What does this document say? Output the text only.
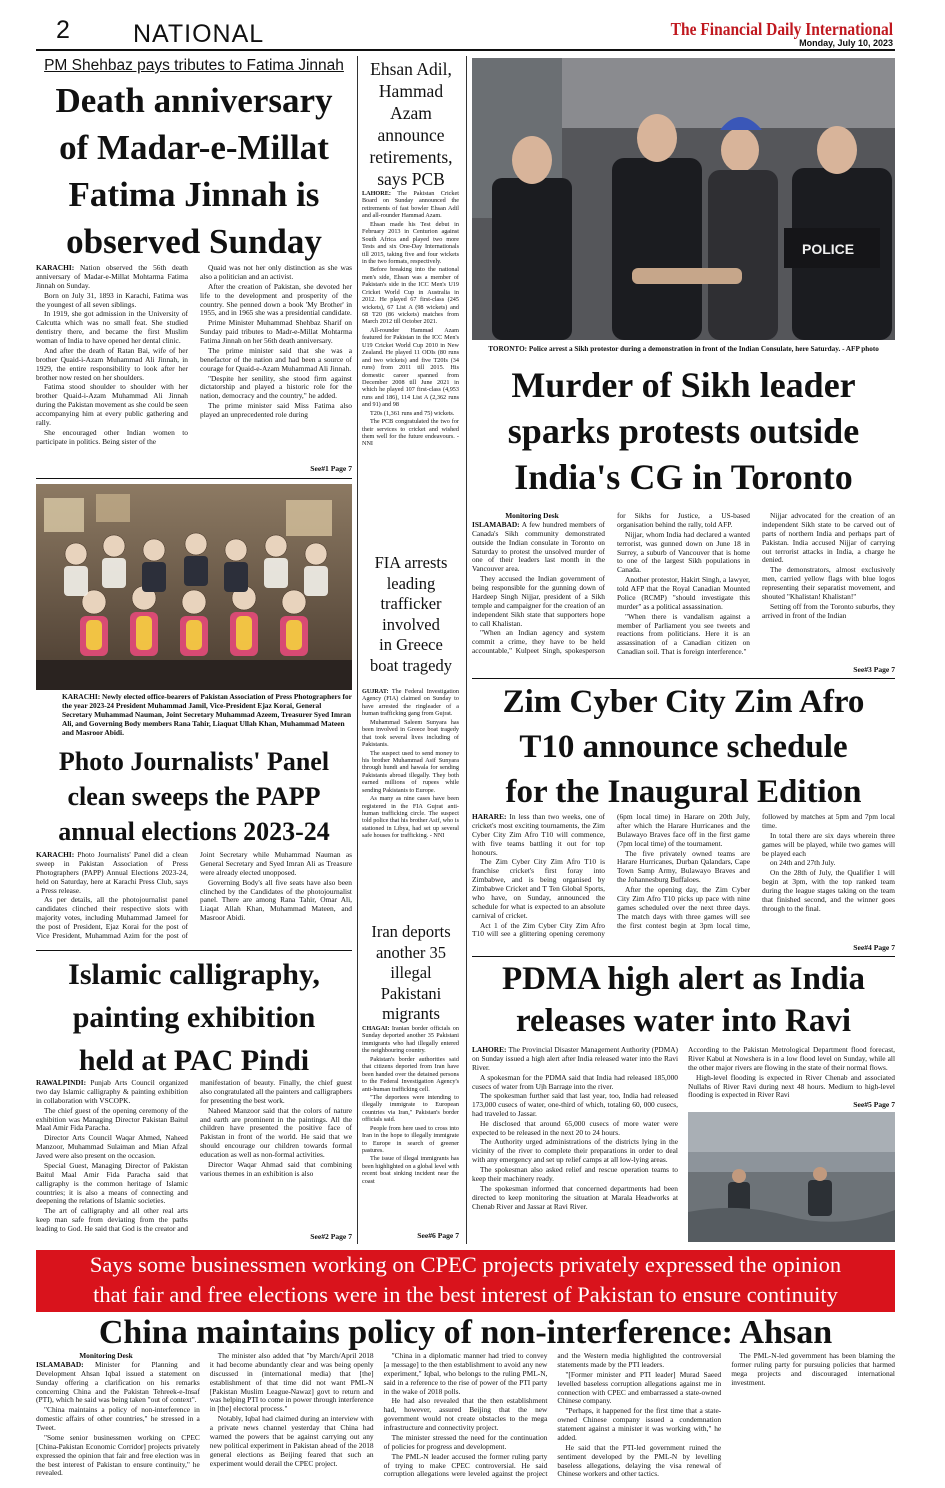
2	NATIONAL	The Financial Daily International
Monday, July 10, 2023
PM Shehbaz pays tributes to Fatima Jinnah
Death anniversary
of Madar-e-Millat
Fatima Jinnah is
observed Sunday

KARACHI: Nation observed the 56th death anniversary of Madar-e-Millat Mohtarma Fatima Jinnah on Sunday.

Born on July 31, 1893 in Karachi, Fatima was the youngest of all seven siblings.

In 1919, she got admission in the University of Calcutta which was no small feat. She studied dentistry there, and became the first Muslim woman of India to have opened her dental clinic.

And after the death of Ratan Bai, wife of her brother Quaid-i-Azam Muhammad Ali Jinnah, in 1929, the entire responsibility to look after her brother now rested on her shoulders.

Fatima stood shoulder to shoulder with her brother Quaid-i-Azam Muhammad Ali Jinnah during the Pakistan movement as she could be seen accompanying him at every public gathering and rally.

She encouraged other Indian women to participate in politics. Being sister of the

Quaid was not her only distinction as she was also a politician and an activist.

After the creation of Pakistan, she devoted her life to the development and prosperity of the country. She penned down a book 'My Brother' in 1955, and in 1965 she was a presidential candidate.

Prime Minister Muhammad Shehbaz Sharif on Sunday paid tributes to Madr-e-Millat Mohtarma Fatima Jinnah on her 56th death anniversary.

The prime minister said that she was a benefactor of the nation and had been a source of courage for Quaid-e-Azam Muhammad Ali Jinnah.

"Despite her senility, she stood firm against dictatorship and played a historic role for the nation, democracy and the country," he added.

The prime minister said Miss Fatima also played an unprecedented role during

See#1 Page 7
KARACHI: Newly elected office-bearers of Pakistan Association of Press Photographers for the year 2023-24 President Muhammad Jamil, Vice-President Ejaz Korai, General Secretary Muhammad Nauman, Joint Secretary Muhammad Azeem, Treasurer Syed Imran Ali, and Governing Body members Rana Tahir, Liaquat Ullah Khan, Muhammad Mateen and Masroor Abidi.
Photo Journalists' Panel
clean sweeps the PAPP
annual elections 2023-24

KARACHI: Photo Journalists' Panel did a clean sweep in Pakistan Association of Press Photographers (PAPP) Annual Elections 2023-24, held on Saturday, here at Karachi Press Club, says a Press release.

As per details, all the photojournalist panel candidates clinched their respective slots with majority votes, including Muhammad Jameel for the post of President, Ejaz Korai for the post of Vice President, Muhammad Azim for the post of Joint Secretary while Muhammad Nauman as General Secretary and Syed Imran Ali as Treasure were already elected unopposed.

Governing Body's all five seats have also been clinched by the Candidates of the photojournalist panel. There are among Rana Tahir, Omar Ali, Liaqat Allah Khan, Muhammad Mateen, and Masroor Abidi.

Islamic calligraphy,
painting exhibition
held at PAC Pindi

RAWALPINDI: Punjab Arts Council organized two day Islamic calligraphy & painting exhibition in collaboration with VSCOPK.

The chief guest of the opening ceremony of the exhibition was Managing Director Pakistan Baitul Maal Amir Fida Paracha.

Director Arts Council Waqar Ahmed, Naheed Manzoor, Muhammad Sulaiman and Mian Afzal Javed were also present on the occasion.

Special Guest, Managing Director of Pakistan Baitul Maal Amir Fida Paracha said that calligraphy is the common heritage of Islamic countries; it is also a means of connecting and deepening the relations of Islamic societies.

The art of calligraphy and all other real arts keep man safe from deviating from the paths leading to God. He said that God is the creator and manifestation of beauty. Finally, the chief guest also congratulated all the painters and calligraphers for presenting the best work.

Naheed Manzoor said that the colors of nature and earth are prominent in the paintings. All the children have presented the positive face of Pakistan in front of the world. He said that we should encourage our children towards formal education as well as non-formal activities.

Director Waqar Ahmad said that combining various themes in an exhibition is also

See#2 Page 7
Ehsan Adil,
Hammad
Azam
announce
retirements,
says PCB

LAHORE: The Pakistan Cricket Board on Sunday announced the retirements of fast bowler Ehsan Adil and all-rounder Hammad Azam.

Ehsan made his Test debut in February 2013 in Centurion against South Africa and played two more Tests and six One-Day Internationals till 2015, taking five and four wickets in the two formats, respectively.

Before breaking into the national men's side, Ehsan was a member of Pakistan's side in the ICC Men's U19 Cricket World Cup in Australia in 2012. He played 67 first-class (245 wickets), 67 List A (98 wickets) and 68 T20 (86 wickets) matches from March 2012 till October 2021.

All-rounder Hammad Azam featured for Pakistan in the ICC Men's U19 Cricket World Cup 2010 in New Zealand. He played 11 ODIs (80 runs and two wickets) and five T20Is (34 runs) from 2011 till 2015. His domestic career spanned from December 2008 till June 2021 in which he played 107 first-class (4,953 runs and 186), 114 List A (2,362 runs and 91) and 98

T20s (1,361 runs and 75) wickets.

The PCB congratulated the two for their services to cricket and wished them well for the future endeavours. - NNI

FIA arrests
leading
trafficker
involved
in Greece
boat tragedy

GUJRAT: The Federal Investigation Agency (FIA) claimed on Sunday to have arrested the ringleader of a human trafficking gang from Gujrat.

Muhammad Saleem Sunyara has been involved in Greece boat tragedy that took several lives including of Pakistanis.

The suspect used to send money to his brother Muhammad Asif Sunyara through hundi and hawala for sending Pakistanis abroad illegally. They both earned millions of rupees while sending Pakistanis to Europe.

As many as nine cases have been registered in the FIA Gujrat anti-human trafficking circle. The suspect told police that his brother Asif, who is stationed in Libya, had set up several safe houses for trafficking. - NNI

Iran deports
another 35
illegal
Pakistani
migrants

CHAGAI: Iranian border officials on Sunday deported another 35 Pakistani immigrants who had illegally entered the neighbouring country.

Pakistan's border authorities said that citizens deported from Iran have been handed over the detained persons to the Federal Investigation Agency's anti-human trafficking cell.

"The deportees were intending to illegally immigrate to European countries via Iran," Pakistan's border officials said.

People from here used to cross into Iran in the hope to illegally immigrate to Europe in search of greener pastures.

The issue of illegal immigrants has been highlighted on a global level with recent boat sinking incident near the coast

See#6 Page 7
POLICE
TORONTO: Police arrest a Sikh protestor during a demonstration in front of the Indian Consulate, here Saturday. - AFP photo
Murder of Sikh leader
sparks protests outside
India's CG in Toronto
Monitoring Desk

ISLAMABAD: A few hundred members of Canada's Sikh community demonstrated outside the Indian consulate in Toronto on Saturday to protest the unsolved murder of one of their leaders last month in the Vancouver area.

They accused the Indian government of being responsible for the gunning down of Hardeep Singh Nijjar, president of a Sikh temple and campaigner for the creation of an independent Sikh state that supporters hope to call Khalistan.

"When an Indian agency and system commit a crime, they have to be held accountable," Kulpeet Singh, spokesperson for Sikhs for Justice, a US-based organisation behind the rally, told AFP.

Nijjar, whom India had declared a wanted terrorist, was gunned down on June 18 in Surrey, a suburb of Vancouver that is home to one of the largest Sikh populations in Canada.

Another protestor, Hakirt Singh, a lawyer, told AFP that the Royal Canadian Mounted Police (RCMP) "should investigate this murder" as a political assassination.

"When there is vandalism against a member of Parliament you see tweets and reactions from politicians. Here it is an assassination of a Canadian citizen on Canadian soil. That is foreign interference."

Nijjar advocated for the creation of an independent Sikh state to be carved out of parts of northern India and perhaps part of Pakistan. India accused Nijjar of carrying out terrorist attacks in India, a charge he denied.

The demonstrators, almost exclusively men, carried yellow flags with blue logos representing their separatist movement, and shouted "Khalistan! Khalistan!"

Setting off from the Toronto suburbs, they arrived in front of the Indian

See#3 Page 7
Zim Cyber City Zim Afro
T10 announce schedule
for the Inaugural Edition

HARARE: In less than two weeks, one of cricket's most exciting tournaments, the Zim Cyber City Zim Afro T10 will commence, with five teams battling it out for top honours.

The Zim Cyber City Zim Afro T10 is franchise cricket's first foray into Zimbabwe, and is being organised by Zimbabwe Cricket and T Ten Global Sports, who have, on Sunday, announced the schedule for what is expected to an absolute carnival of cricket.

Act 1 of the Zim Cyber City Zim Afro T10 will see a glittering opening ceremony (6pm local time) in Harare on 20th July, after which the Harare Hurricanes and the Bulawayo Braves face off in the first game (7pm local time) of the tournament.

The five privately owned teams are Harare Hurricanes, Durban Qalandars, Cape Town Samp Army, Bulawayo Braves and the Johannesburg Buffaloes.

After the opening day, the Zim Cyber City Zim Afro T10 picks up pace with nine games scheduled over the next three days. The match days with three games will see the first contest begin at 3pm local time, followed by matches at 5pm and 7pm local time.

In total there are six days wherein three games will be played, while two games will be played each

on 24th and 27th July.

On the 28th of July, the Qualifier 1 will begin at 3pm, with the top ranked team during the league stages taking on the team that finished second, and the winner goes through to the final.

See#4 Page 7
PDMA high alert as India
releases water into Ravi

LAHORE: The Provincial Disaster Management Authority (PDMA) on Sunday issued a high alert after India released water into the Ravi River.

A spokesman for the PDMA said that India had released 185,000 cusecs of water from Ujh Barrage into the river.

According to the Pakistan Metrological Department flood forecast, River Kabul at Nowshera is in a low flood level on Sunday, while all the other major rivers are flowing in the state of their normal flows.

High-level flooding is expected in River Chenab and associated Nullahs of River Ravi during next 48 hours. Medium to high-level flooding is expected in River Ravi

The spokesman further said that last year, too, India had released 173,000 cusecs of water, one-third of which, totaling 60, 000 cusecs, had traveled to Jassar.

He disclosed that around 65,000 cusecs of more water were expected to be released in the next 20 to 24 hours.

The Authority urged administrations of the districts lying in the vicinity of the river to complete their preparations in order to deal with any emergency and set up relief camps at all low-lying areas.

The spokesman also asked relief and rescue operation teams to keep their machinery ready.

The spokesman informed that concerned departments had been directed to keep monitoring the situation at Marala Headworks at Chenab River and Jassar at Ravi River.

See#5 Page 7
Says some businessmen working on CPEC projects privately expressed the opinion
that fair and free elections were in the best interest of Pakistan to ensure continuity
China maintains policy of non-interference: Ahsan
Monitoring Desk

ISLAMABAD: Minister for Planning and Development Ahsan Iqbal issued a statement on Sunday offering a clarification on his remarks concerning China and the Pakistan Tehreek-e-Insaf (PTI), which he said was being taken "out of context".

"China maintains a policy of non-interference in domestic affairs of other countries," he stressed in a Tweet.

"Some senior businessmen working on CPEC [China-Pakistan Economic Corridor] projects privately expressed the opinion that fair and free election was in the best interest of Pakistan to ensure continuity," he revealed.

The minister also added that "by March/April 2018 it had become abundantly clear and was being openly discussed in (international media) that [the] establishment of that time did not want PML-N [Pakistan Muslim League-Nawaz] govt to return and was helping PTI to come in power through interference in [the] electoral process."

Notably, Iqbal had claimed during an interview with a private news channel yesterday that China had warned the powers that be against carrying out any new political experiment in Pakistan ahead of the 2018 general elections as Beijing feared that such an experiment would derail the CPEC project.

"China in a diplomatic manner had tried to convey [a message] to the then establishment to avoid any new experiment," Iqbal, who belongs to the ruling PML-N, said in a reference to the rise of power of the PTI party in the wake of 2018 polls.

He had also revealed that the then establishment had, however, assured Beijing that the new government would not create obstacles to the mega infrastructure and connectivity project.

The minister stressed the need for the continuation of policies for progress and development.

The PML-N leader accused the former ruling party of trying to make CPEC controversial. He said corruption allegations were leveled against the project and the Western media highlighted the controversial statements made by the PTI leaders.

"[Former minister and PTI leader] Murad Saeed levelled baseless corruption allegations against me in connection with CPEC and embarrassed a state-owned Chinese company.

"Perhaps, it happened for the first time that a state-owned Chinese company issued a condemnation statement against a minister it was working with," he added.

He said that the PTI-led government ruined the sentiment developed by the PML-N by levelling baseless allegations, delaying the visa renewal of Chinese workers and other tactics.

The PML-N-led government has been blaming the former ruling party for pursuing policies that harmed mega projects and discouraged international investment.
